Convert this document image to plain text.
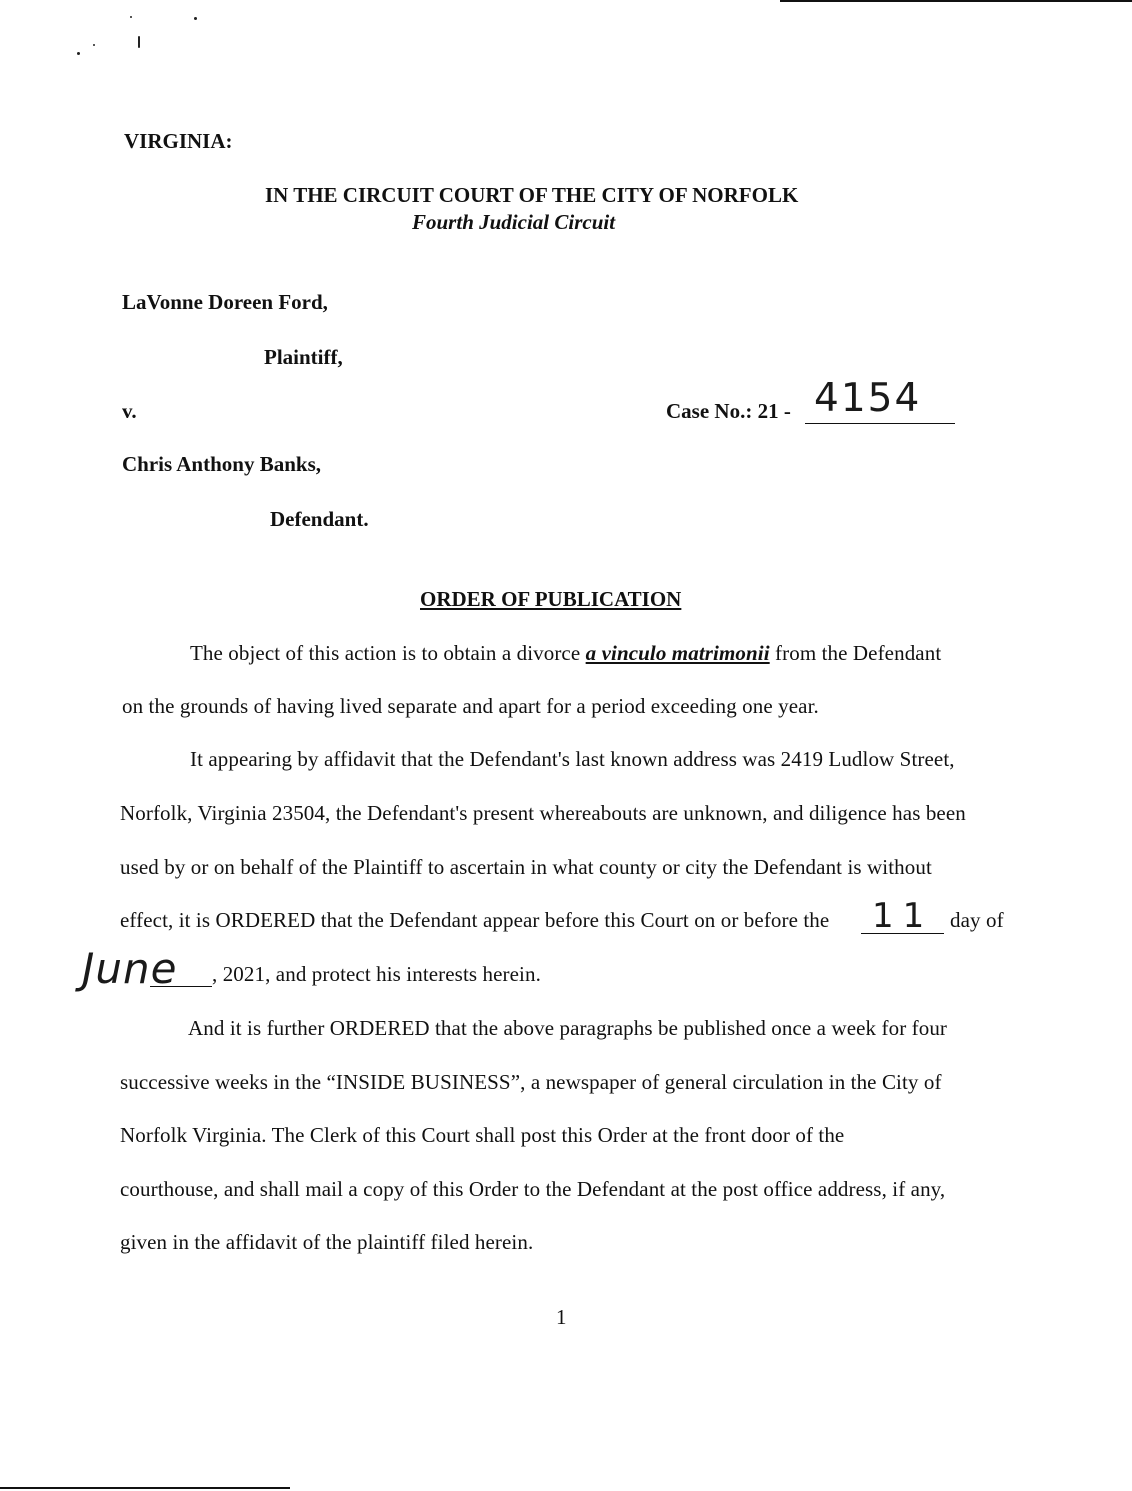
VIRGINIA:
IN THE CIRCUIT COURT OF THE CITY OF NORFOLK
Fourth Judicial Circuit
LaVonne Doreen Ford,
Plaintiff,
v.	Case No.: 21 - 4154
Chris Anthony Banks,
Defendant.
ORDER OF PUBLICATION
The object of this action is to obtain a divorce a vinculo matrimonii from the Defendant
on the grounds of having lived separate and apart for a period exceeding one year.
It appearing by affidavit that the Defendant's last known address was 2419 Ludlow Street,
Norfolk, Virginia 23504, the Defendant's present whereabouts are unknown, and diligence has been
used by or on behalf of the Plaintiff to ascertain in what county or city the Defendant is without
effect, it is ORDERED that the Defendant appear before this Court on or before the 11 day of
June , 2021, and protect his interests herein.
And it is further ORDERED that the above paragraphs be published once a week for four
successive weeks in the “INSIDE BUSINESS”, a newspaper of general circulation in the City of
Norfolk Virginia. The Clerk of this Court shall post this Order at the front door of the
courthouse, and shall mail a copy of this Order to the Defendant at the post office address, if any,
given in the affidavit of the plaintiff filed herein.
1
